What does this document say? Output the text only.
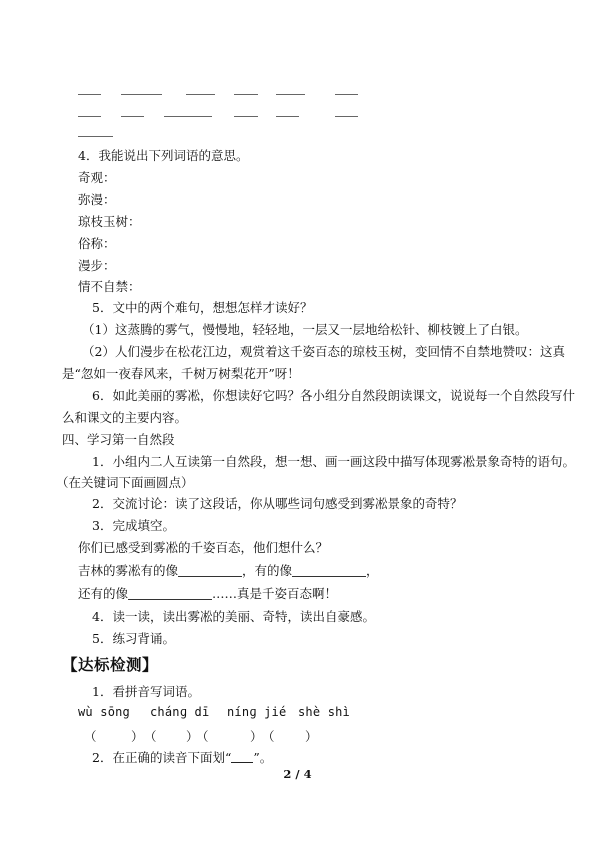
4．我能说出下列词语的意思。
奇观：
弥漫：
琼枝玉树：
俗称：
漫步：
情不自禁：
5．文中的两个难句，想想怎样才读好？
（1）这蒸腾的雾气，慢慢地，轻轻地，一层又一层地给松针、柳枝镀上了白银。
（2）人们漫步在松花江边，观赏着这千姿百态的琼枝玉树，变回情不自禁地赞叹：这真
是“忽如一夜春风来，千树万树梨花开”呀！
6．如此美丽的雾凇，你想读好它吗？各小组分自然段朗读课文，说说每一个自然段写什
么和课文的主要内容。
四、学习第一自然段
1．小组内二人互读第一自然段，想一想、画一画这段中描写体现雾凇景象奇特的语句。
（在关键词下面画圆点）
2．交流讨论：读了这段话，你从哪些词句感受到雾凇景象的奇特？
3．完成填空。
你们已感受到雾凇的千姿百态，他们想什么？
吉林的雾凇有的像	，有的像	，
还有的像	……真是千姿百态啊！
4．读一读，读出雾凇的美丽、奇特，读出自豪感。
5．练习背诵。
【达标检测】
1．看拼音写词语。
wù sōng chánɡ dī nínɡ jié shè shì
（	） （ ）
（	） （ ）
2．在正确的读音下面划“ ”。
2 / 4
